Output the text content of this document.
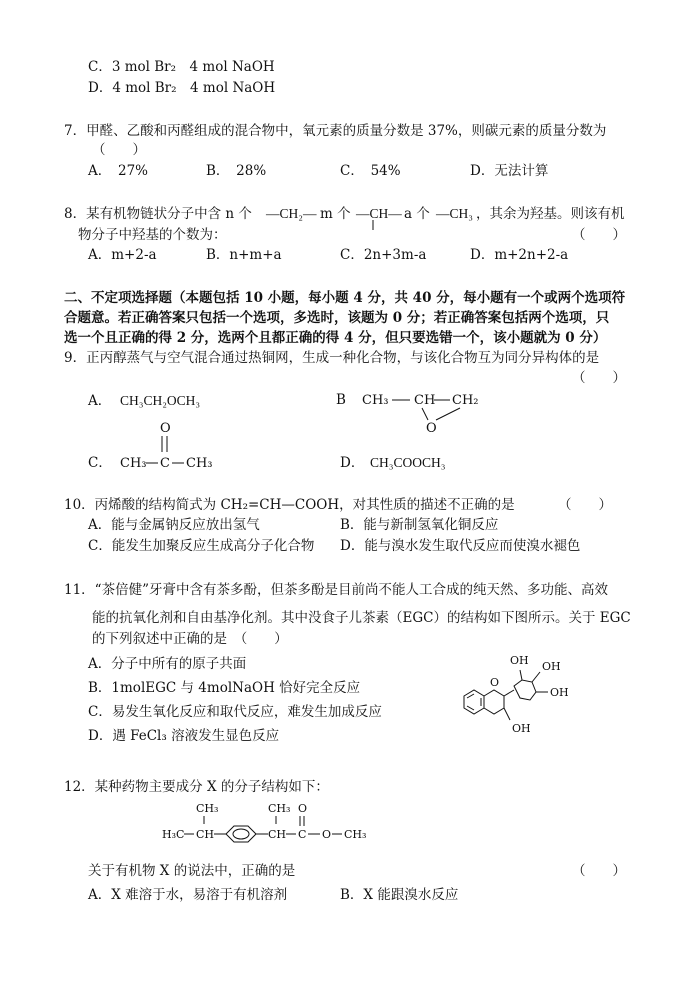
C．3 mol Br₂　4 mol NaOH
D．4 mol Br₂　4 mol NaOH
7．甲醛、乙酸和丙醛组成的混合物中，氧元素的质量分数是 37%，则碳元素的质量分数为
（　　）
A．　27%	B．　28%	C．　54%	D．无法计算
8．某有机物链状分子中含 n 个 —CH₂— m 个 —CH— a 个 —CH₃ ，其余为羟基。则该有机
物分子中羟基的个数为：	（　　）
A．m+2-a	B．n+m+a	C．2n+3m-a	D．m+2n+2-a
二、不定项选择题（本题包括 10 小题，每小题 4 分，共 40 分，每小题有一个或两个选项符
合题意。若正确答案只包括一个选项，多选时，该题为 0 分；若正确答案包括两个选项，只
选一个且正确的得 2 分，选两个且都正确的得 4 分，但只要选错一个，该小题就为 0 分）
9．正丙醇蒸气与空气混合通过热铜网，生成一种化合物，与该化合物互为同分异构体的是
（　　）
A． CH₃CH₂OCH₃	B CH₃ CH CH₂
O
C．
O
CH₃ C CH₃	D． CH₃COOCH₃
10．丙烯酸的结构简式为 CH₂=CH—COOH，对其性质的描述不正确的是	（　　）
A．能与金属钠反应放出氢气	B．能与新制氢氧化铜反应
C．能发生加聚反应生成高分子化合物 D．能与溴水发生取代反应而使溴水褪色
11．“茶倍健”牙膏中含有茶多酚，但茶多酚是目前尚不能人工合成的纯天然、多功能、高效
能的抗氧化剂和自由基净化剂。其中没食子儿茶素（EGC）的结构如下图所示。关于 EGC
的下列叙述中正确的是　（　　）
A．分子中所有的原子共面
B．1molEGC 与 4molNaOH 恰好完全反应
C．易发生氧化反应和取代反应，难发生加成反应
D．遇 FeCl₃ 溶液发生显色反应
OH OH
OH
OH
O
12．某种药物主要成分 X 的分子结构如下：
CH₃
H₃C CH
CH₃
CH
O
C O CH₃
关于有机物 X 的说法中，正确的是	（　　）
A．X 难溶于水，易溶于有机溶剂	B．X 能跟溴水反应
